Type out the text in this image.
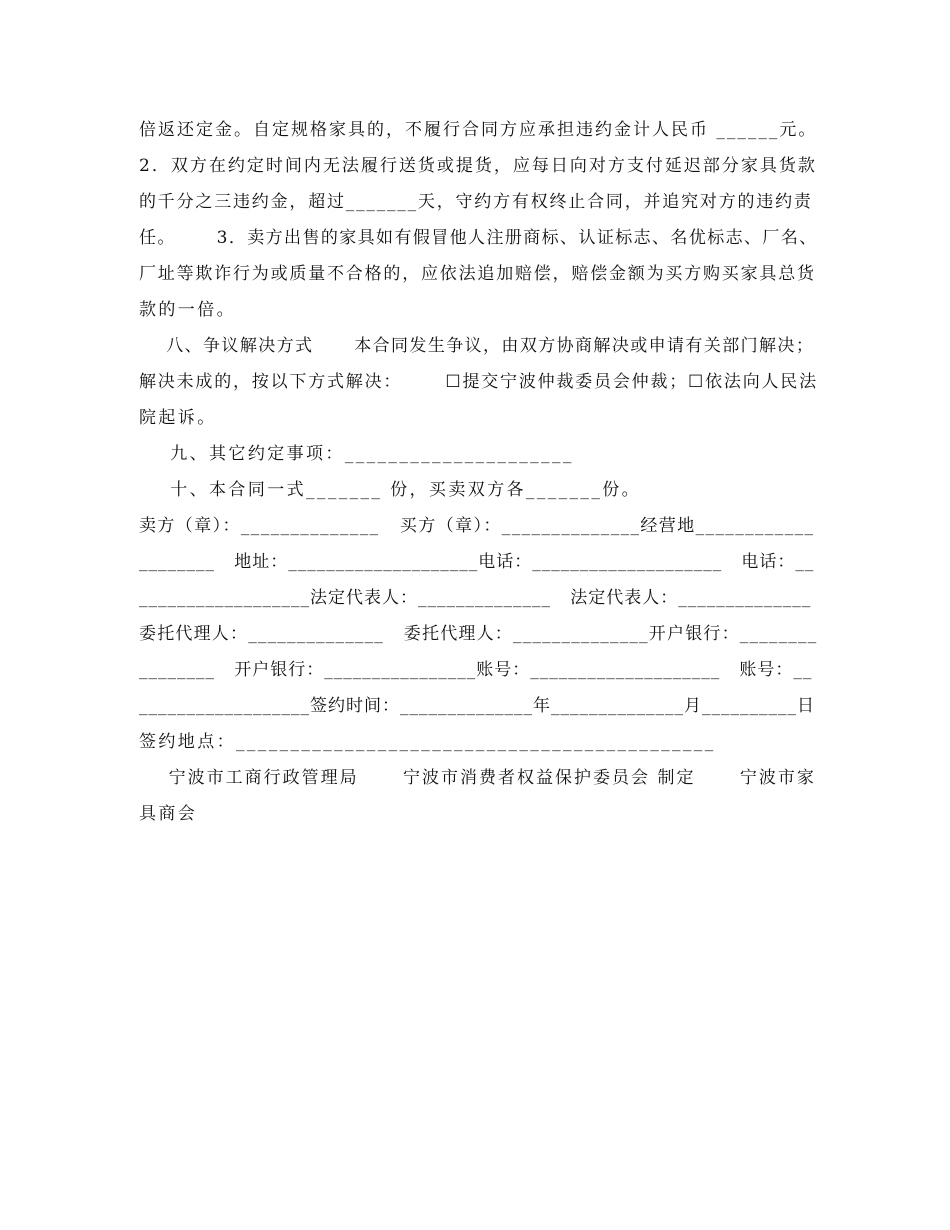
倍返还定金。自定规格家具的，不履行合同方应承担违约金计人民币 ______元。
2．双方在约定时间内无法履行送货或提货，应每日向对方支付延迟部分家具货款
的千分之三违约金，超过_______天，守约方有权终止合同，并追究对方的违约责
任。      3．卖方出售的家具如有假冒他人注册商标、认证标志、名优标志、厂名、
厂址等欺诈行为或质量不合格的，应依法追加赔偿，赔偿金额为买方购买家具总货
款的一倍。
八、争议解决方式      本合同发生争议，由双方协商解决或申请有关部门解决；
解决未成的，按以下方式解决：      ☐提交宁波仲裁委员会仲裁；☐依法向人民法
院起诉。
九、其它约定事项：_____________________
十、本合同一式_______ 份，买卖双方各_______份。
卖方（章）：______________   买方（章）：______________经营地____________
________   地址：____________________电话：____________________   电话：__
__________________法定代表人：______________   法定代表人：______________
委托代理人：______________   委托代理人：______________开户银行：________
________   开户银行：________________账号：____________________   账号：__
__________________签约时间：______________年______________月__________日
签约地点：____________________________________________
宁波市工商行政管理局      宁波市消费者权益保护委员会 制定      宁波市家
具商会
